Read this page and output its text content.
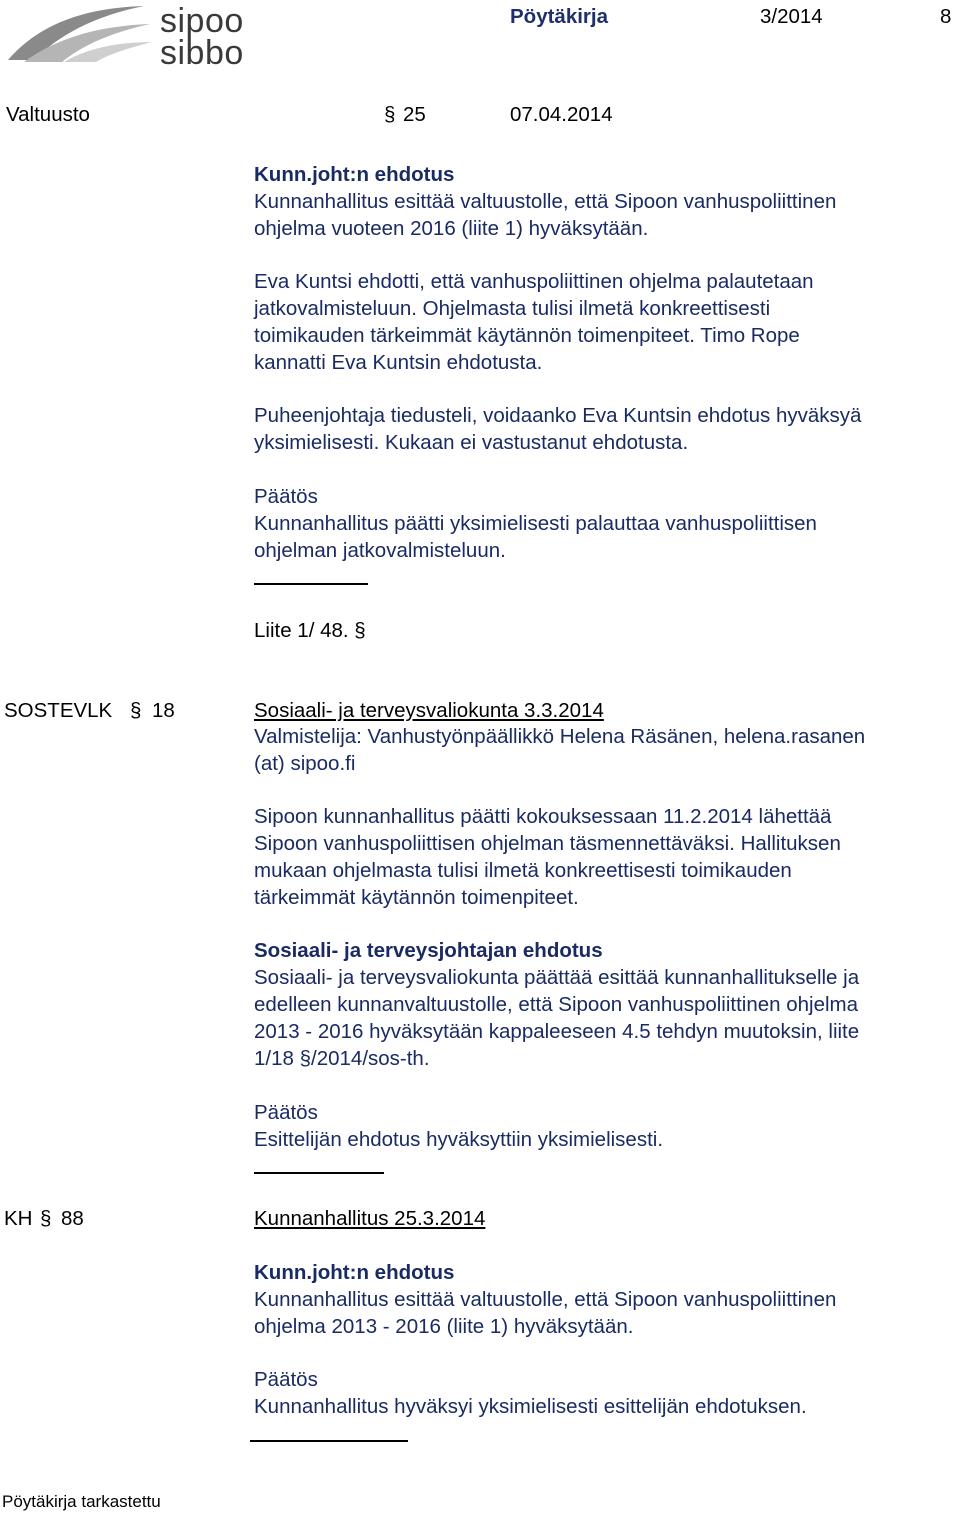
sipoo
sibbo
Pöytäkirja	3/2014	8
Valtuusto	§ 25	07.04.2014
Kunn.joht:n ehdotus
Kunnanhallitus esittää valtuustolle, että Sipoon vanhuspoliittinen
ohjelma vuoteen 2016 (liite 1) hyväksytään.
Eva Kuntsi ehdotti, että vanhuspoliittinen ohjelma palautetaan
jatkovalmisteluun. Ohjelmasta tulisi ilmetä konkreettisesti
toimikauden tärkeimmät käytännön toimenpiteet. Timo Rope
kannatti Eva Kuntsin ehdotusta.
Puheenjohtaja tiedusteli, voidaanko Eva Kuntsin ehdotus hyväksyä
yksimielisesti. Kukaan ei vastustanut ehdotusta.
Päätös
Kunnanhallitus päätti yksimielisesti palauttaa vanhuspoliittisen
ohjelman jatkovalmisteluun.
Liite 1/ 48. §
SOSTEVLK § 18	Sosiaali- ja terveysvaliokunta 3.3.2014
Valmistelija: Vanhustyönpäällikkö Helena Räsänen, helena.rasanen
(at) sipoo.fi
Sipoon kunnanhallitus päätti kokouksessaan 11.2.2014 lähettää
Sipoon vanhuspoliittisen ohjelman täsmennettäväksi. Hallituksen
mukaan ohjelmasta tulisi ilmetä konkreettisesti toimikauden
tärkeimmät käytännön toimenpiteet.
Sosiaali- ja terveysjohtajan ehdotus
Sosiaali- ja terveysvaliokunta päättää esittää kunnanhallitukselle ja
edelleen kunnanvaltuustolle, että Sipoon vanhuspoliittinen ohjelma
2013 - 2016 hyväksytään kappaleeseen 4.5 tehdyn muutoksin, liite
1/18 §/2014/sos-th.
Päätös
Esittelijän ehdotus hyväksyttiin yksimielisesti.
KH § 88	Kunnanhallitus 25.3.2014
Kunn.joht:n ehdotus
Kunnanhallitus esittää valtuustolle, että Sipoon vanhuspoliittinen
ohjelma 2013 - 2016 (liite 1) hyväksytään.
Päätös
Kunnanhallitus hyväksyi yksimielisesti esittelijän ehdotuksen.
Pöytäkirja tarkastettu
